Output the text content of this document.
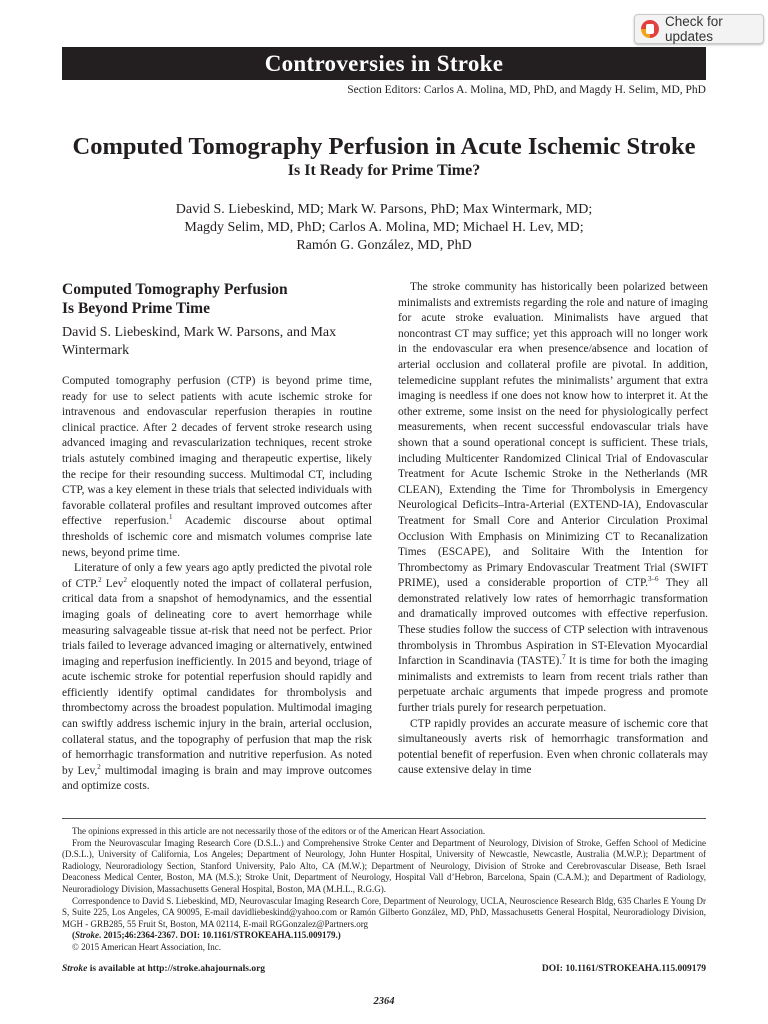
Check for updates
Controversies in Stroke
Section Editors: Carlos A. Molina, MD, PhD, and Magdy H. Selim, MD, PhD
Computed Tomography Perfusion in Acute Ischemic Stroke
Is It Ready for Prime Time?
David S. Liebeskind, MD; Mark W. Parsons, PhD; Max Wintermark, MD;
Magdy Selim, MD, PhD; Carlos A. Molina, MD; Michael H. Lev, MD;
Ramón G. González, MD, PhD
Computed Tomography Perfusion
Is Beyond Prime Time
David S. Liebeskind, Mark W. Parsons, and Max Wintermark

Computed tomography perfusion (CTP) is beyond prime time, ready for use to select patients with acute ischemic stroke for intravenous and endovascular reperfusion therapies in routine clinical practice. After 2 decades of fervent stroke research using advanced imaging and revascularization techniques, recent stroke trials astutely combined imaging and therapeutic expertise, likely the recipe for their resounding success. Multimodal CT, including CTP, was a key element in these trials that selected individuals with favorable collateral profiles and resultant improved outcomes after effective reperfusion.$^1$ Academic discourse about optimal thresholds of ischemic core and mismatch volumes comprise late news, beyond prime time.

Literature of only a few years ago aptly predicted the pivotal role of CTP.$^2$ Lev$^2$ eloquently noted the impact of collateral perfusion, critical data from a snapshot of hemodynamics, and the essential imaging goals of delineating core to avert hemorrhage while measuring salvageable tissue at-risk that need not be perfect. Prior trials failed to leverage advanced imaging or alternatively, entwined imaging and reperfusion inefficiently. In 2015 and beyond, triage of acute ischemic stroke for potential reperfusion should rapidly and efficiently identify optimal candidates for thrombolysis and thrombectomy across the broadest population. Multimodal imaging can swiftly address ischemic injury in the brain, arterial occlusion, collateral status, and the topography of perfusion that map the risk of hemorrhagic transformation and nutritive reperfusion. As noted by Lev,$^2$ multimodal imaging is brain and may improve outcomes and optimize costs.

The stroke community has historically been polarized between minimalists and extremists regarding the role and nature of imaging for acute stroke evaluation. Minimalists have argued that noncontrast CT may suffice; yet this approach will no longer work in the endovascular era when presence/absence and location of arterial occlusion and collateral profile are pivotal. In addition, telemedicine supplant refutes the minimalists’ argument that extra imaging is needless if one does not know how to interpret it. At the other extreme, some insist on the need for physiologically perfect measurements, when recent successful endovascular trials have shown that a sound operational concept is sufficient. These trials, including Multicenter Randomized Clinical Trial of Endovascular Treatment for Acute Ischemic Stroke in the Netherlands (MR CLEAN), Extending the Time for Thrombolysis in Emergency Neurological Deficits–Intra-Arterial (EXTEND-IA), Endovascular Treatment for Small Core and Anterior Circulation Proximal Occlusion With Emphasis on Minimizing CT to Recanalization Times (ESCAPE), and Solitaire With the Intention for Thrombectomy as Primary Endovascular Treatment Trial (SWIFT PRIME), used a considerable proportion of CTP.$^{3-6}$ They all demonstrated relatively low rates of hemorrhagic transformation and dramatically improved outcomes with effective reperfusion. These studies follow the success of CTP selection with intravenous thrombolysis in Thrombus Aspiration in ST-Elevation Myocardial Infarction in Scandinavia (TASTE).$^7$ It is time for both the imaging minimalists and extremists to learn from recent trials rather than perpetuate archaic arguments that impede progress and promote further trials purely for research perpetuation.

CTP rapidly provides an accurate measure of ischemic core that simultaneously averts risk of hemorrhagic transformation and potential benefit of reperfusion. Even when chronic collaterals may cause extensive delay in time

The opinions expressed in this article are not necessarily those of the editors or of the American Heart Association.

From the Neurovascular Imaging Research Core (D.S.L.) and Comprehensive Stroke Center and Department of Neurology, Division of Stroke, Geffen School of Medicine (D.S.L.), University of California, Los Angeles; Department of Neurology, John Hunter Hospital, University of Newcastle, Newcastle, Australia (M.W.P.); Department of Radiology, Neuroradiology Section, Stanford University, Palo Alto, CA (M.W.); Department of Neurology, Division of Stroke and Cerebrovascular Disease, Beth Israel Deaconess Medical Center, Boston, MA (M.S.); Stroke Unit, Department of Neurology, Hospital Vall d’Hebron, Barcelona, Spain (C.A.M.); and Department of Radiology, Neuroradiology Division, Massachusetts General Hospital, Boston, MA (M.H.L., R.G.G).

Correspondence to David S. Liebeskind, MD, Neurovascular Imaging Research Core, Department of Neurology, UCLA, Neuroscience Research Bldg, 635 Charles E Young Dr S, Suite 225, Los Angeles, CA 90095, E-mail davidliebeskind@yahoo.com or Ramón Gilberto González, MD, PhD, Massachusetts General Hospital, Neuroradiology Division, MGH - GRB285, 55 Fruit St, Boston, MA 02114, E-mail RGGonzalez@Partners.org

(Stroke. 2015;46:2364-2367. DOI: 10.1161/STROKEAHA.115.009179.)

© 2015 American Heart Association, Inc.

Stroke is available at http://stroke.ahajournals.org	DOI: 10.1161/STROKEAHA.115.009179
2364
